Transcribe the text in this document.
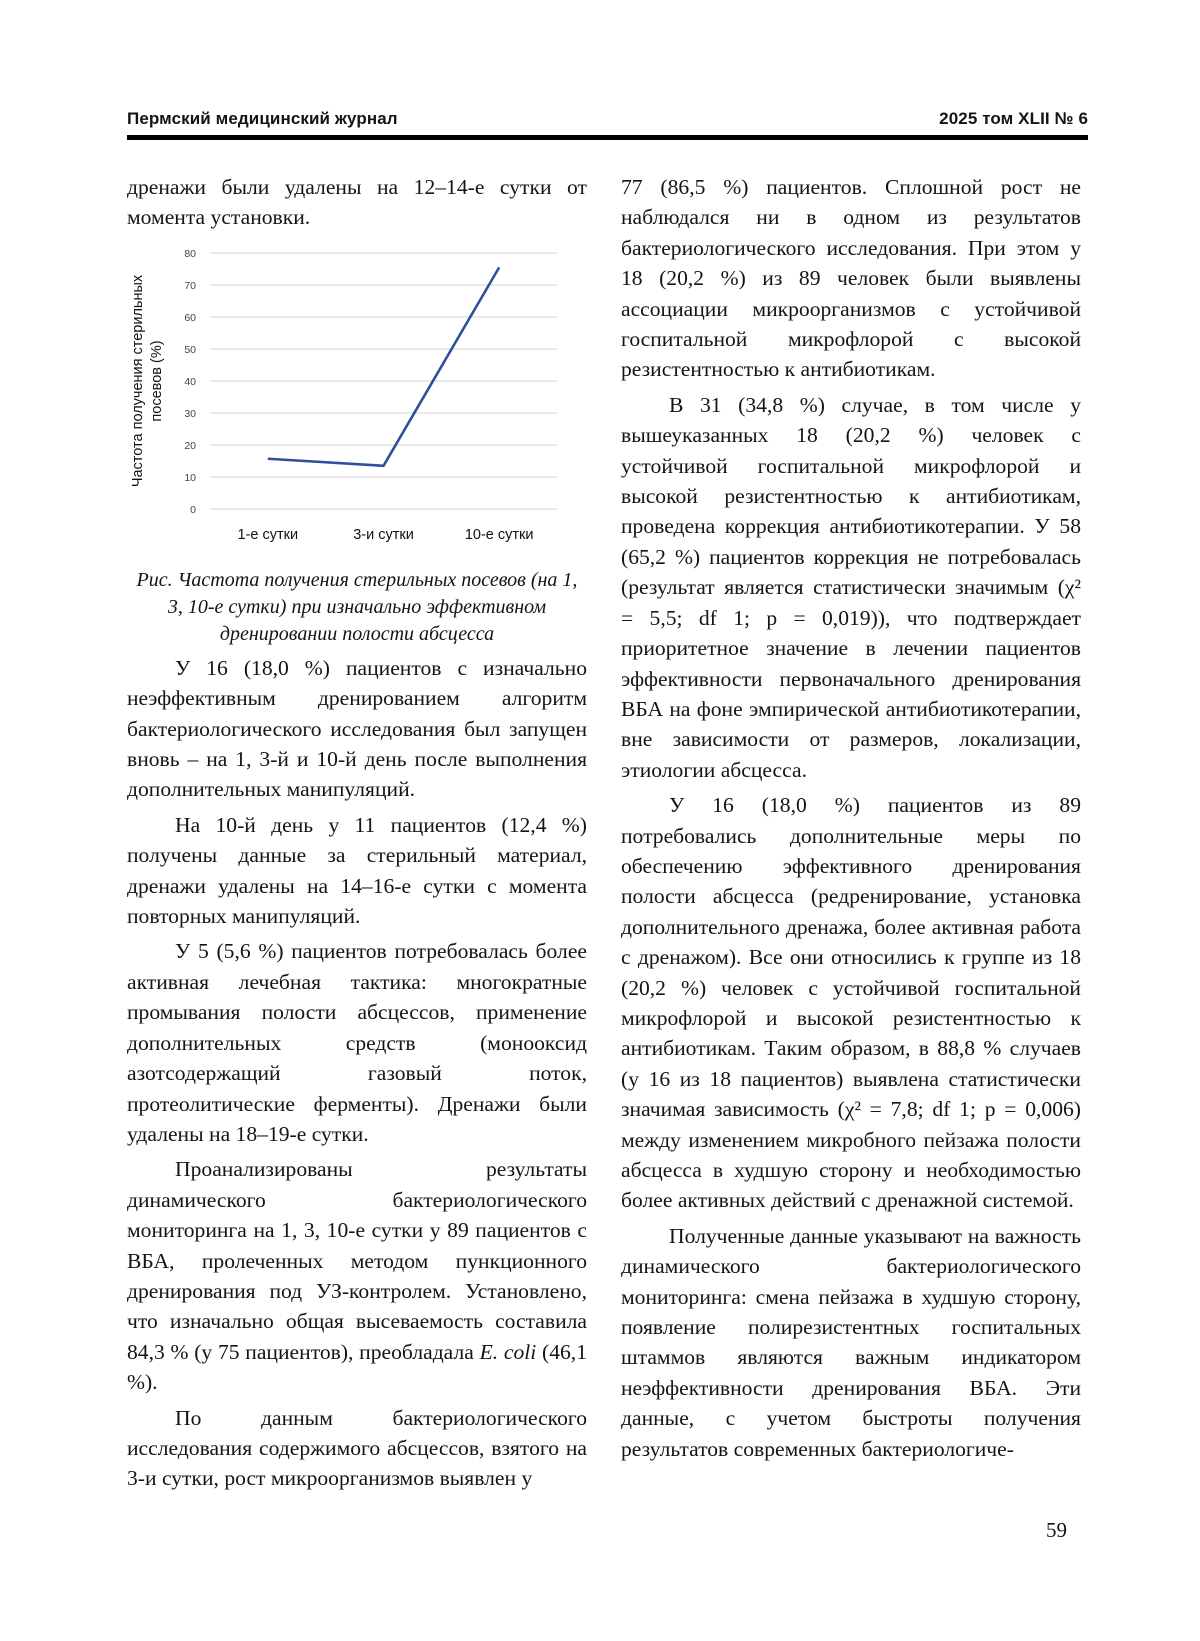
Пермский медицинский журнал	2025 том XLII № 6

дренажи были удалены на 12–14-е сутки от момента установки.

Частота получения стерильных посевов (%)
0
10
20
30
40
50
60
70
80
1-е сутки	3-и сутки	10-е сутки

Рис. Частота получения стерильных посевов (на 1, 3, 10-е сутки) при изначально эффективном дренировании полости абсцесса

У 16 (18,0 %) пациентов с изначально неэффективным дренированием алгоритм бактериологического исследования был запущен вновь – на 1, 3-й и 10-й день после выполнения дополнительных манипуляций.

На 10-й день у 11 пациентов (12,4 %) получены данные за стерильный материал, дренажи удалены на 14–16-е сутки с момента повторных манипуляций.

У 5 (5,6 %) пациентов потребовалась более активная лечебная тактика: многократные промывания полости абсцессов, применение дополнительных средств (монооксид азотсодержащий газовый поток, протеолитические ферменты). Дренажи были удалены на 18–19-е сутки.

Проанализированы результаты динамического бактериологического мониторинга на 1, 3, 10-е сутки у 89 пациентов с ВБА, пролеченных методом пункционного дренирования под УЗ-контролем. Установлено, что изначально общая высеваемость составила 84,3 % (у 75 пациентов), преобладала E. coli (46,1 %).

По данным бактериологического исследования содержимого абсцессов, взятого на 3-и сутки, рост микроорганизмов выявлен у

77 (86,5 %) пациентов. Сплошной рост не наблюдался ни в одном из результатов бактериологического исследования. При этом у 18 (20,2 %) из 89 человек были выявлены ассоциации микроорганизмов с устойчивой госпитальной микрофлорой с высокой резистентностью к антибиотикам.

В 31 (34,8 %) случае, в том числе у вышеуказанных 18 (20,2 %) человек с устойчивой госпитальной микрофлорой и высокой резистентностью к антибиотикам, проведена коррекция антибиотикотерапии. У 58 (65,2 %) пациентов коррекция не потребовалась (результат является статистически значимым (χ² = 5,5; df 1; p = 0,019)), что подтверждает приоритетное значение в лечении пациентов эффективности первоначального дренирования ВБА на фоне эмпирической антибиотикотерапии, вне зависимости от размеров, локализации, этиологии абсцесса.

У 16 (18,0 %) пациентов из 89 потребовались дополнительные меры по обеспечению эффективного дренирования полости абсцесса (редренирование, установка дополнительного дренажа, более активная работа с дренажом). Все они относились к группе из 18 (20,2 %) человек с устойчивой госпитальной микрофлорой и высокой резистентностью к антибиотикам. Таким образом, в 88,8 % случаев (у 16 из 18 пациентов) выявлена статистически значимая зависимость (χ² = 7,8; df 1; p = 0,006) между изменением микробного пейзажа полости абсцесса в худшую сторону и необходимостью более активных действий с дренажной системой.

Полученные данные указывают на важность динамического бактериологического мониторинга: смена пейзажа в худшую сторону, появление полирезистентных госпитальных штаммов являются важным индикатором неэффективности дренирования ВБА. Эти данные, с учетом быстроты получения результатов современных бактериологиче-

59
